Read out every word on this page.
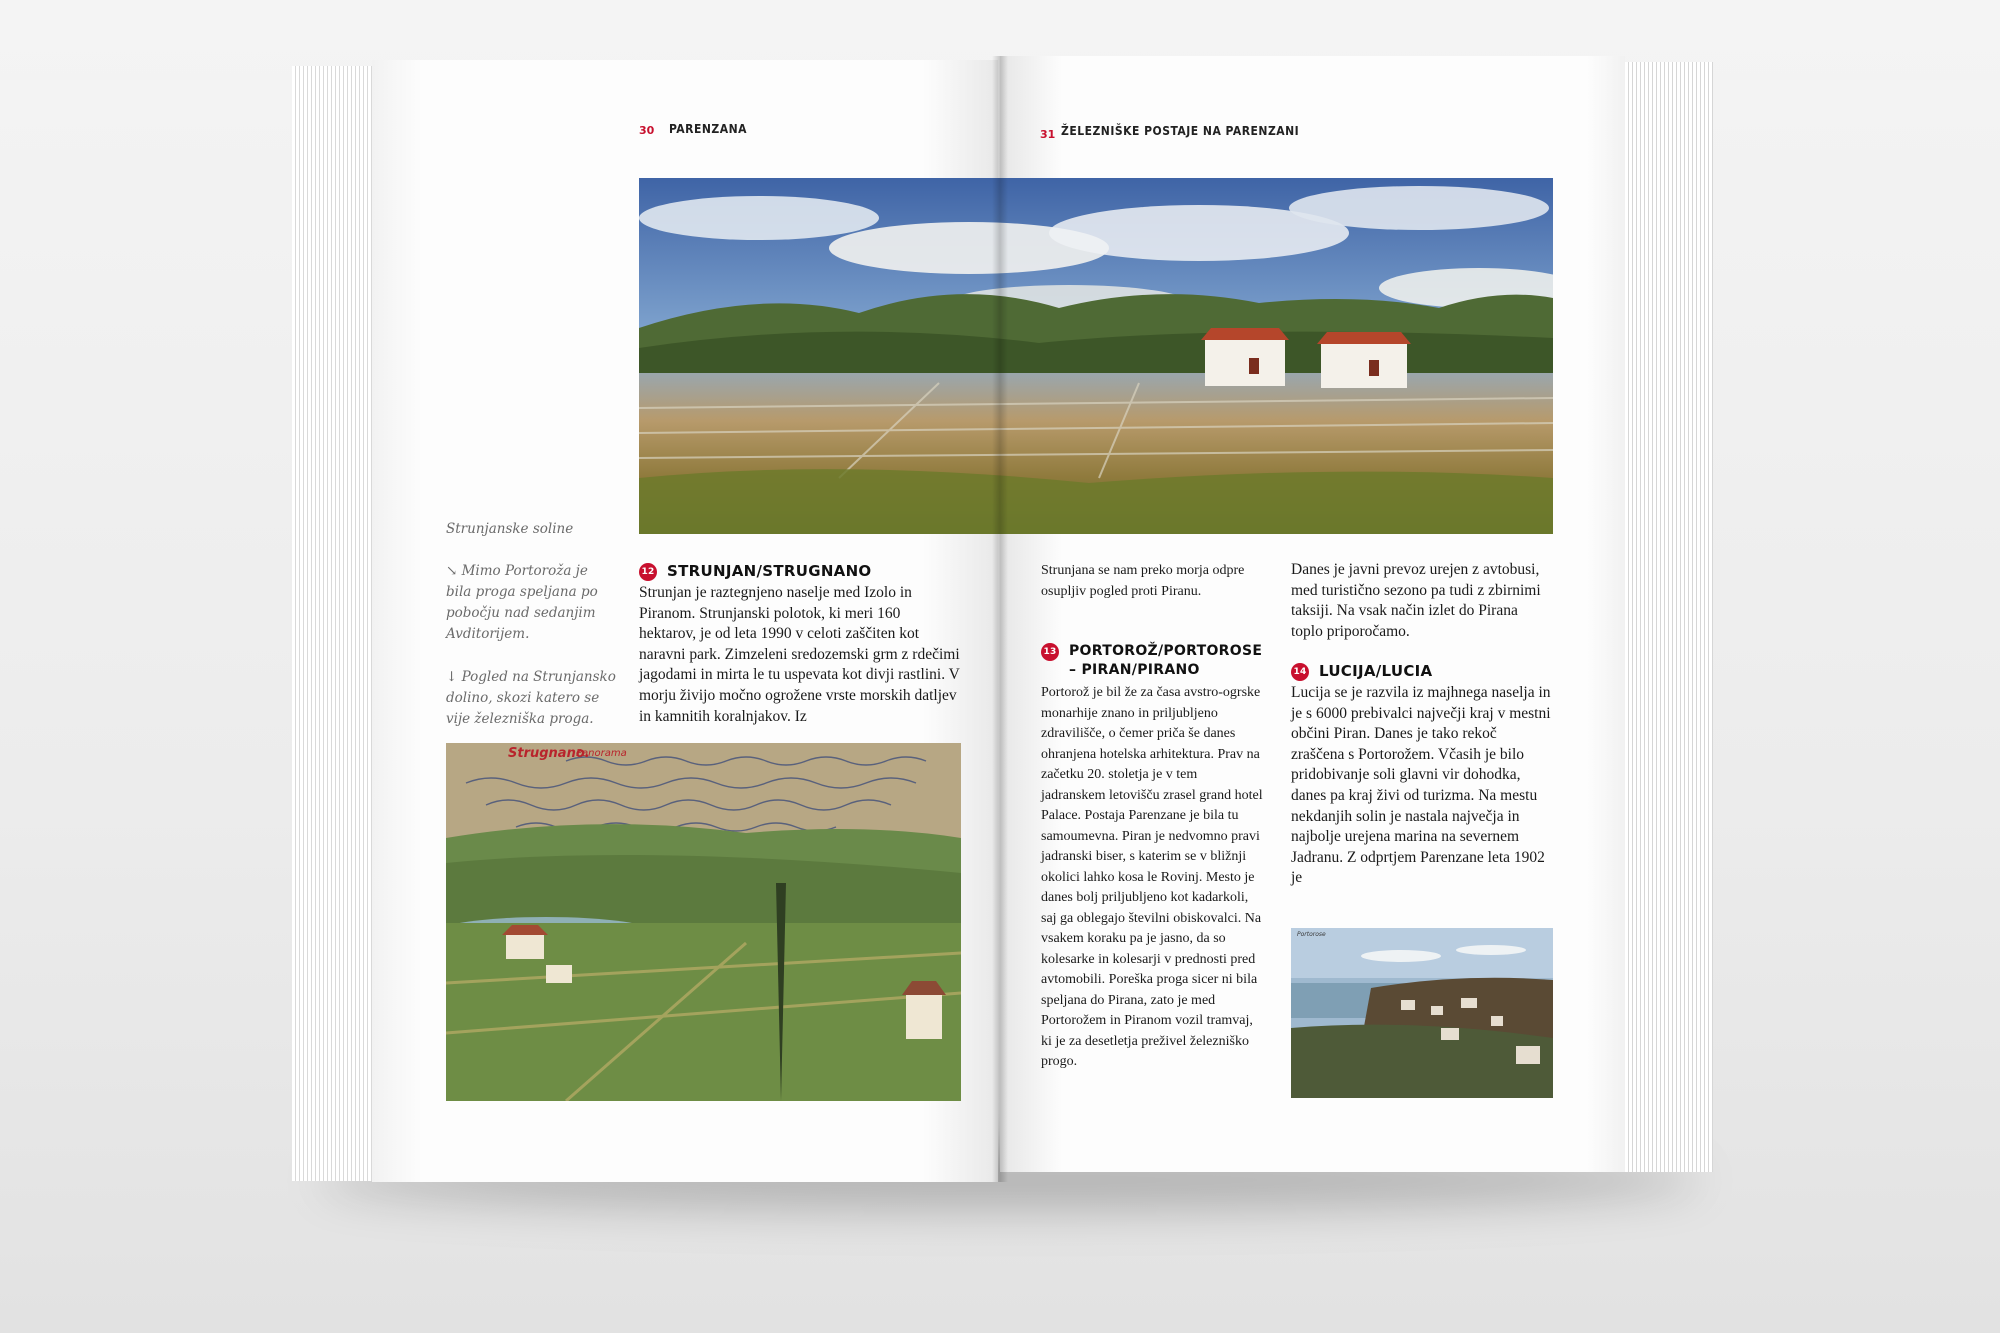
30 PARENZANA	31 ŽELEZNIŠKE POSTAJE NA PARENZANI
Strunjanske soline
↘ Mimo Portoroža je bila proga speljana po pobočju nad sedanjim Avditorijem.
↓ Pogled na Strunjansko dolino, skozi katero se vije železniška proga.
12 STRUNJAN/STRUGNANO
Strunjan je raztegnjeno naselje med Izolo in Piranom. Strunjanski polotok, ki meri 160 hektarov, je od leta 1990 v celoti zaščiten kot naravni park. Zimzeleni sredozemski grm z rdečimi jagodami in mirta le tu uspevata kot divji rastlini. V morju živijo močno ogrožene vrste morskih datljev in kamnitih koralnjakov. Iz
Strugnano.
Panorama
Strunjana se nam preko morja odpre osupljiv pogled proti Piranu.
13 PORTOROŽ/PORTOROSE – PIRAN/PIRANO
Portorož je bil že za časa avstro-ogrske monarhije znano in priljubljeno zdravilišče, o čemer priča še danes ohranjena hotelska arhitektura. Prav na začetku 20. stoletja je v tem jadranskem letovišču zrasel grand hotel Palace. Postaja Parenzane je bila tu samoumevna. Piran je nedvomno pravi jadranski biser, s katerim se v bližnji okolici lahko kosa le Rovinj. Mesto je danes bolj priljubljeno kot kadarkoli, saj ga oblegajo številni obiskovalci. Na vsakem koraku pa je jasno, da so kolesarke in kolesarji v prednosti pred avtomobili. Poreška proga sicer ni bila speljana do Pirana, zato je med Portorožem in Piranom vozil tramvaj, ki je za desetletja preživel železniško progo.
Danes je javni prevoz urejen z avtobusi, med turistično sezono pa tudi z zbirnimi taksiji. Na vsak način izlet do Pirana toplo priporočamo.
14 LUCIJA/LUCIA
Lucija se je razvila iz majhnega naselja in je s 6000 prebivalci največji kraj v mestni občini Piran. Danes je tako rekoč zraščena s Portorožem. Včasih je bilo pridobivanje soli glavni vir dohodka, danes pa kraj živi od turizma. Na mestu nekdanjih solin je nastala največja in najbolje urejena marina na severnem Jadranu. Z odprtjem Parenzane leta 1902 je
Portorose
